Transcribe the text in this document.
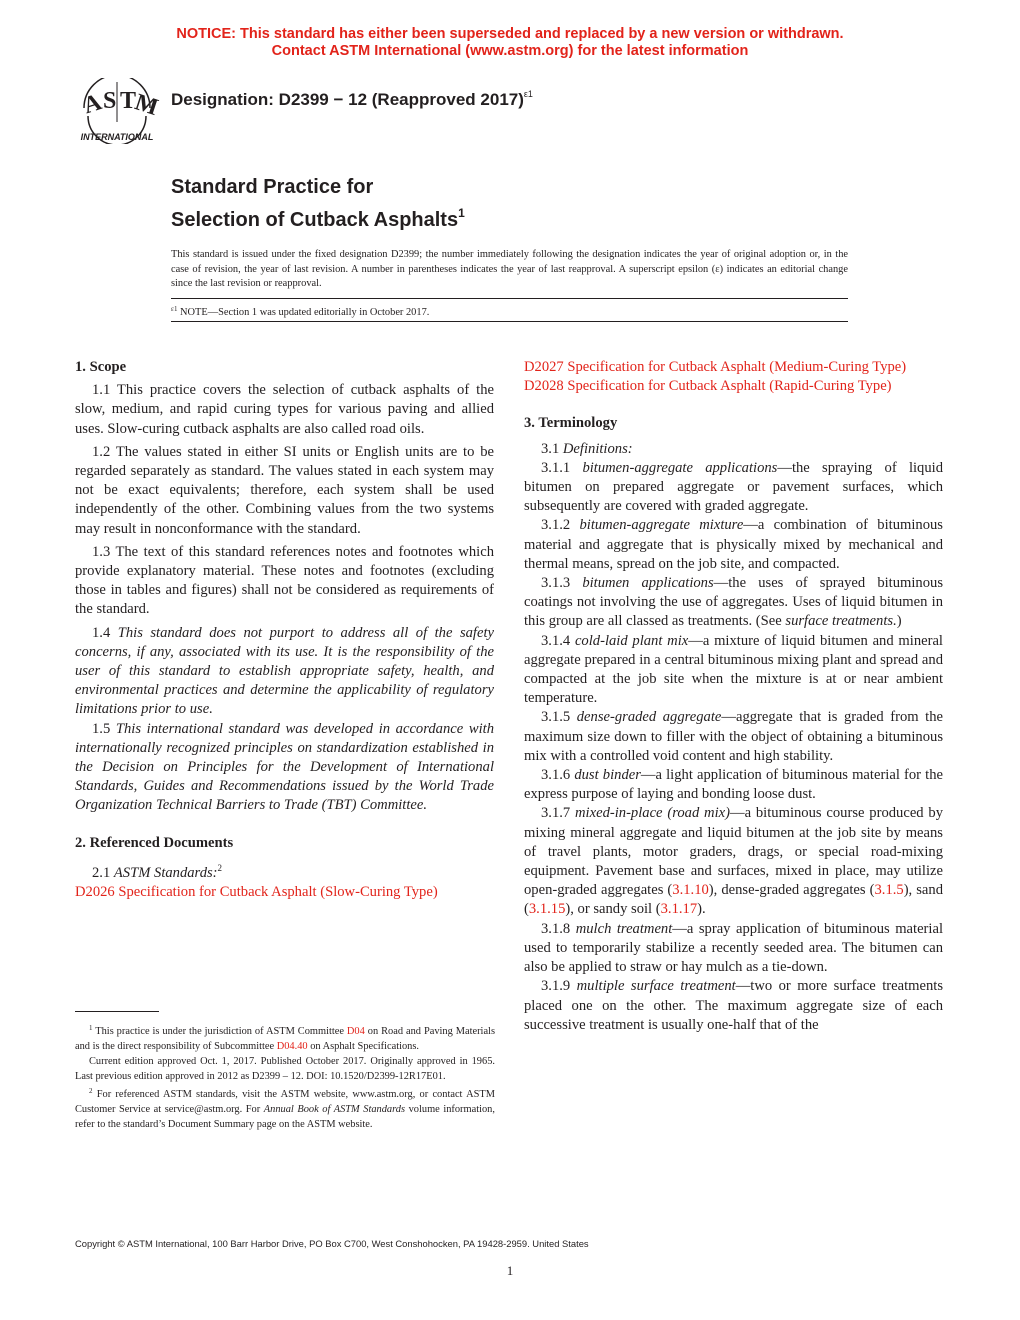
NOTICE: This standard has either been superseded and replaced by a new version or withdrawn.
Contact ASTM International (www.astm.org) for the latest information
A
S T
M
INTERNATIONAL
Designation: D2399 − 12 (Reapproved 2017)$^{\varepsilon 1}$
Standard Practice for
Selection of Cutback Asphalts$^1$
This standard is issued under the fixed designation D2399; the number immediately following the designation indicates the year of original adoption or, in the case of revision, the year of last revision. A number in parentheses indicates the year of last reapproval. A superscript epsilon (ε) indicates an editorial change since the last revision or reapproval.
$^{\varepsilon 1}$ NOTE—Section 1 was updated editorially in October 2017.

1. Scope

1.1 This practice covers the selection of cutback asphalts of the slow, medium, and rapid curing types for various paving and allied uses. Slow-curing cutback asphalts are also called road oils.

1.2 The values stated in either SI units or English units are to be regarded separately as standard. The values stated in each system may not be exact equivalents; therefore, each system shall be used independently of the other. Combining values from the two systems may result in nonconformance with the standard.

1.3 The text of this standard references notes and footnotes which provide explanatory material. These notes and footnotes (excluding those in tables and figures) shall not be considered as requirements of the standard.

1.4 This standard does not purport to address all of the safety concerns, if any, associated with its use. It is the responsibility of the user of this standard to establish appropriate safety, health, and environmental practices and determine the applicability of regulatory limitations prior to use.

1.5 This international standard was developed in accordance with internationally recognized principles on standardization established in the Decision on Principles for the Development of International Standards, Guides and Recommendations issued by the World Trade Organization Technical Barriers to Trade (TBT) Committee.

2. Referenced Documents

2.1 ASTM Standards:$^2$

D2026 Specification for Cutback Asphalt (Slow-Curing Type)

D2027 Specification for Cutback Asphalt (Medium-Curing Type)

D2028 Specification for Cutback Asphalt (Rapid-Curing Type)

3. Terminology

3.1 Definitions:

3.1.1 bitumen-aggregate applications—the spraying of liquid bitumen on prepared aggregate or pavement surfaces, which subsequently are covered with graded aggregate.

3.1.2 bitumen-aggregate mixture—a combination of bituminous material and aggregate that is physically mixed by mechanical and thermal means, spread on the job site, and compacted.

3.1.3 bitumen applications—the uses of sprayed bituminous coatings not involving the use of aggregates. Uses of liquid bitumen in this group are all classed as treatments. (See surface treatments.)

3.1.4 cold-laid plant mix—a mixture of liquid bitumen and mineral aggregate prepared in a central bituminous mixing plant and spread and compacted at the job site when the mixture is at or near ambient temperature.

3.1.5 dense-graded aggregate—aggregate that is graded from the maximum size down to filler with the object of obtaining a bituminous mix with a controlled void content and high stability.

3.1.6 dust binder—a light application of bituminous material for the express purpose of laying and bonding loose dust.

3.1.7 mixed-in-place (road mix)—a bituminous course produced by mixing mineral aggregate and liquid bitumen at the job site by means of travel plants, motor graders, drags, or special road-mixing equipment. Pavement base and surfaces, mixed in place, may utilize open-graded aggregates (3.1.10), dense-graded aggregates (3.1.5), sand (3.1.15), or sandy soil (3.1.17).

3.1.8 mulch treatment—a spray application of bituminous material used to temporarily stabilize a recently seeded area. The bitumen can also be applied to straw or hay mulch as a tie-down.

3.1.9 multiple surface treatment—two or more surface treatments placed one on the other. The maximum aggregate size of each successive treatment is usually one-half that of the

$^1$ This practice is under the jurisdiction of ASTM Committee D04 on Road and Paving Materials and is the direct responsibility of Subcommittee D04.40 on Asphalt Specifications.

Current edition approved Oct. 1, 2017. Published October 2017. Originally approved in 1965. Last previous edition approved in 2012 as D2399 – 12. DOI: 10.1520/D2399-12R17E01.

$^2$ For referenced ASTM standards, visit the ASTM website, www.astm.org, or contact ASTM Customer Service at service@astm.org. For Annual Book of ASTM Standards volume information, refer to the standard’s Document Summary page on the ASTM website.

Copyright © ASTM International, 100 Barr Harbor Drive, PO Box C700, West Conshohocken, PA 19428-2959. United States
1
